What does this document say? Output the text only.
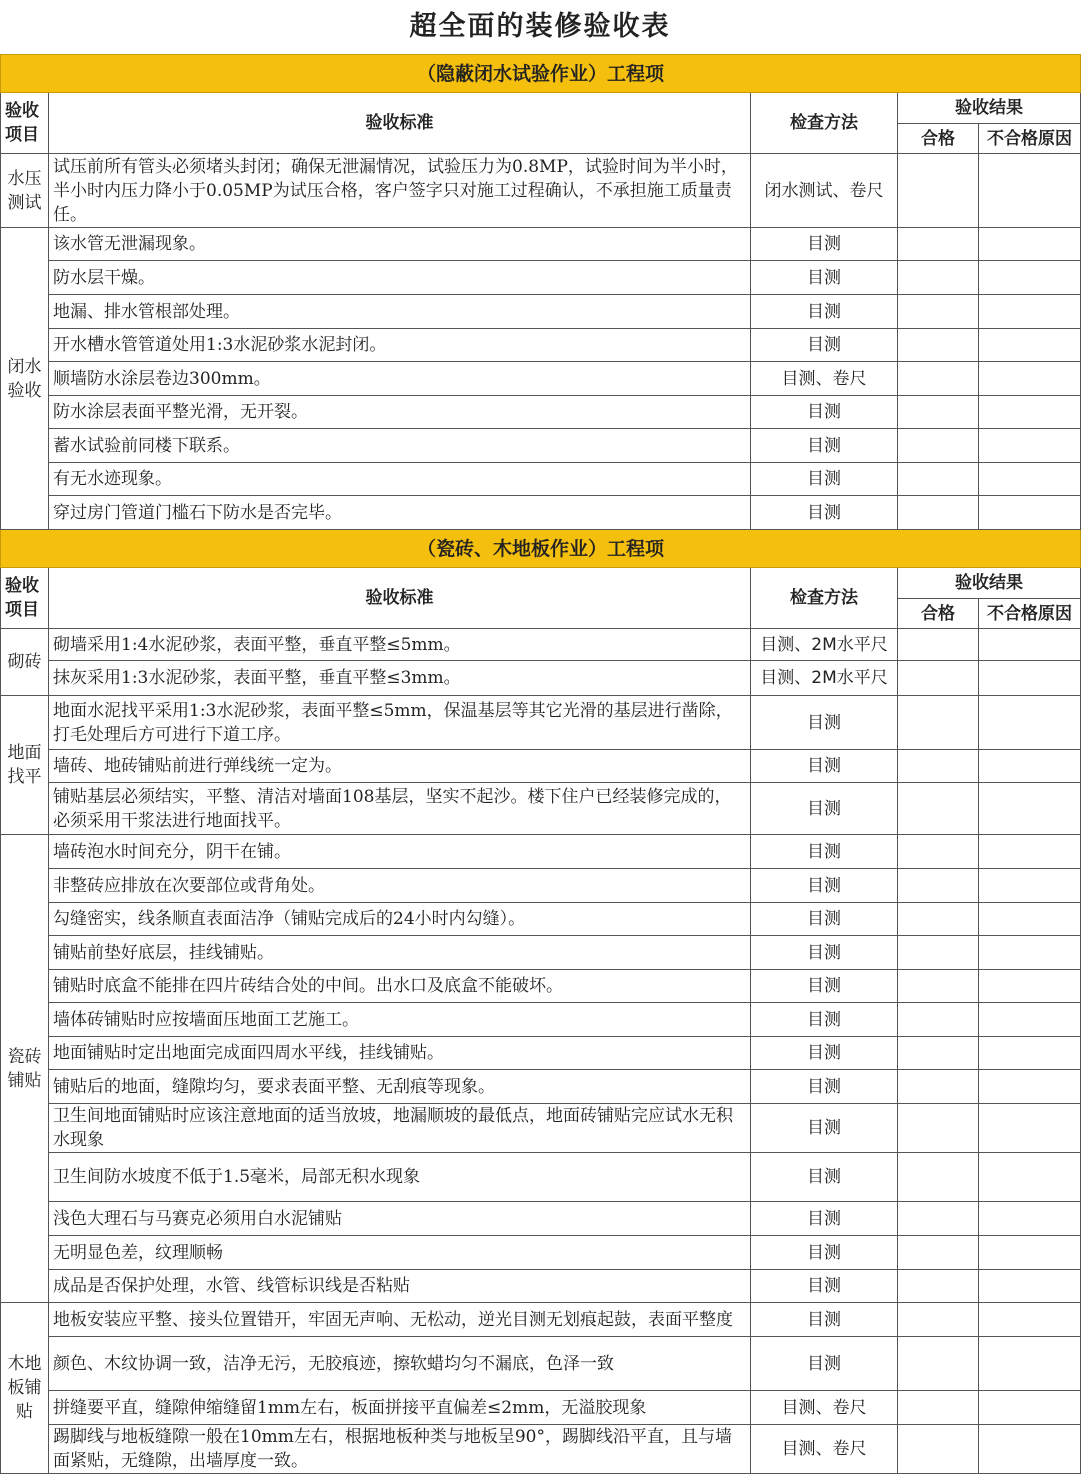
超全面的装修验收表
（隐蔽闭水试验作业）工程项				
验收项目	验收标准	检查方法	验收结果	
			合格	不合格原因
水压测试	试压前所有管头必须堵头封闭；确保无泄漏情况，试验压力为0.8MP，试验时间为半小时，半小时内压力降小于0.05MP为试压合格，客户签字只对施工过程确认，不承担施工质量责任。	闭水测试、卷尺		
闭水验收	该水管无泄漏现象。	目测		
	防水层干燥。	目测		
	地漏、排水管根部处理。	目测		
	开水槽水管管道处用1:3水泥砂浆水泥封闭。	目测		
	顺墙防水涂层卷边300mm。	目测、卷尺		
	防水涂层表面平整光滑，无开裂。	目测		
	蓄水试验前同楼下联系。	目测		
	有无水迹现象。	目测		
	穿过房门管道门槛石下防水是否完毕。	目测		
（瓷砖、木地板作业）工程项				
验收项目	验收标准	检查方法	验收结果	
			合格	不合格原因
砌砖	砌墙采用1:4水泥砂浆，表面平整，垂直平整≤5mm。	目测、2M水平尺		
	抹灰采用1:3水泥砂浆，表面平整，垂直平整≤3mm。	目测、2M水平尺		
地面找平	地面水泥找平采用1:3水泥砂浆，表面平整≤5mm，保温基层等其它光滑的基层进行凿除，打毛处理后方可进行下道工序。	目测		
	墙砖、地砖铺贴前进行弹线统一定为。	目测		
	铺贴基层必须结实，平整、清洁对墙面108基层，坚实不起沙。楼下住户已经装修完成的，必须采用干浆法进行地面找平。	目测		
瓷砖铺贴	墙砖泡水时间充分，阴干在铺。	目测		
	非整砖应排放在次要部位或背角处。	目测		
	勾缝密实，线条顺直表面洁净（铺贴完成后的24小时内勾缝）。	目测		
	铺贴前垫好底层，挂线铺贴。	目测		
	铺贴时底盒不能排在四片砖结合处的中间。出水口及底盒不能破坏。	目测		
	墙体砖铺贴时应按墙面压地面工艺施工。	目测		
	地面铺贴时定出地面完成面四周水平线，挂线铺贴。	目测		
	铺贴后的地面，缝隙均匀，要求表面平整、无刮痕等现象。	目测		
	卫生间地面铺贴时应该注意地面的适当放坡，地漏顺坡的最低点，地面砖铺贴完应试水无积水现象	目测		
	卫生间防水坡度不低于1.5毫米，局部无积水现象	目测		
	浅色大理石与马赛克必须用白水泥铺贴	目测		
	无明显色差，纹理顺畅	目测		
	成品是否保护处理，水管、线管标识线是否粘贴	目测		
木地板铺贴	地板安装应平整、接头位置错开，牢固无声响、无松动，逆光目测无划痕起鼓，表面平整度	目测		
	颜色、木纹协调一致，洁净无污，无胶痕迹，擦软蜡均匀不漏底，色泽一致	目测		
	拼缝要平直，缝隙伸缩缝留1mm左右，板面拼接平直偏差≤2mm，无溢胶现象	目测、卷尺		
	踢脚线与地板缝隙一般在10mm左右，根据地板种类与地板呈90°，踢脚线沿平直，且与墙面紧贴，无缝隙，出墙厚度一致。	目测、卷尺		
